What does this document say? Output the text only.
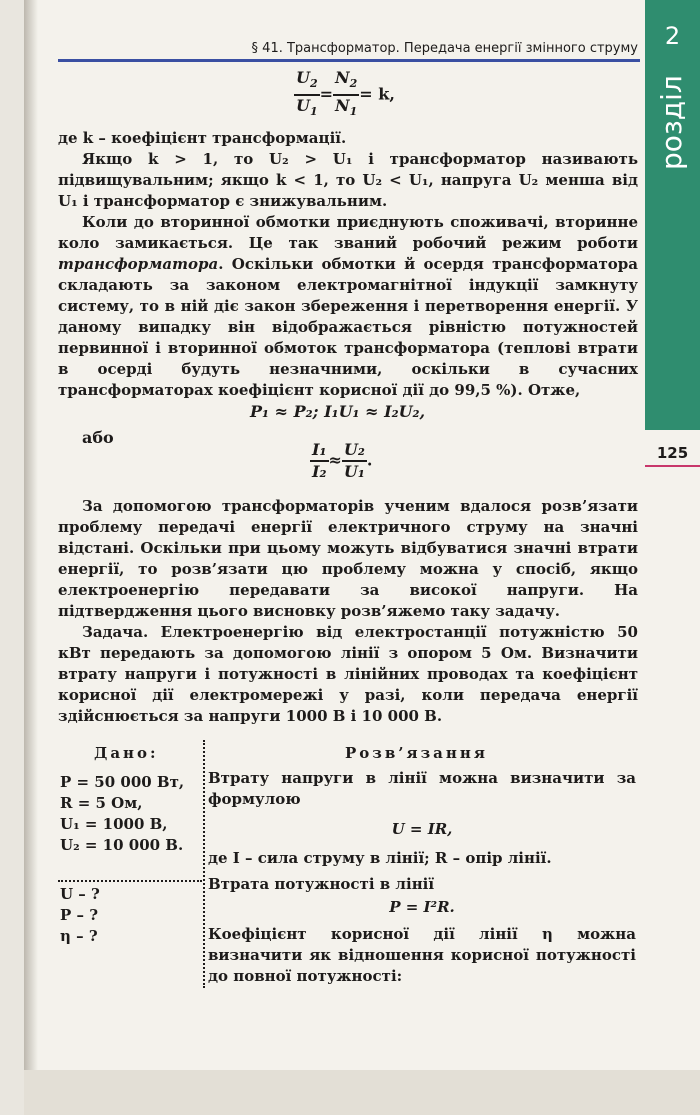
§ 41. Трансформатор. Передача енергії змінного струму	2
розділ
125
$\frac{U_2}{U_1} = \frac{N_2}{N_1} = k$,

де k – коефіцієнт трансформації.

Якщо k > 1, то U₂ > U₁ і трансформатор називають підвищувальним; якщо k < 1, то U₂ < U₁, напруга U₂ менша від U₁ і трансформатор є знижувальним.

Коли до вторинної обмотки приєднують споживачі, вторинне коло замикається. Це так званий робочий режим роботи трансформатора. Оскільки обмотки й осердя трансформатора складають за законом електромагнітної індукції замкнуту систему, то в ній діє закон збереження і перетворення енергії. У даному випадку він відображається рівністю потужностей первинної і вторинної обмоток трансформатора (теплові втрати в осерді будуть незначними, оскільки в сучасних трансформаторах коефіцієнт корисної дії до 99,5 %). Отже,

P₁ ≈ P₂; I₁U₁ ≈ I₂U₂,
або
$\frac{\text{I₁}}{\text{I₂}} \approx \frac{\text{U₂}}{\text{U₁}}$ .

За допомогою трансформаторів ученим вдалося розв’язати проблему передачі енергії електричного струму на значні відстані. Оскільки при цьому можуть відбуватися значні втрати енергії, то розв’язати цю проблему можна у спосіб, якщо електроенергію передавати за високої напруги. На підтвердження цього висновку розв’яжемо таку задачу.

Задача. Електроенергію від електростанції потужністю 50 кВт передають за допомогою лінії з опором 5 Ом. Визначити втрату напруги і потужності в лінійних проводах та коефіцієнт корисної дії електромережі у разі, коли передача енергії здійснюється за напруги 1000 В і 10 000 В.

Дано:	Розв’язання
P = 50 000 Вт,
R = 5 Ом,
U₁ = 1000 В,
U₂ = 10 000 В.
U – ?
P – ?
η – ?

Втрату напруги в лінії можна визначити за формулою

U = IR,

де I – сила струму в лінії; R – опір лінії.

Втрата потужності в лінії

P = I²R.

Коефіцієнт корисної дії лінії η можна визначити як відношення корисної потужності до повної потужності:
